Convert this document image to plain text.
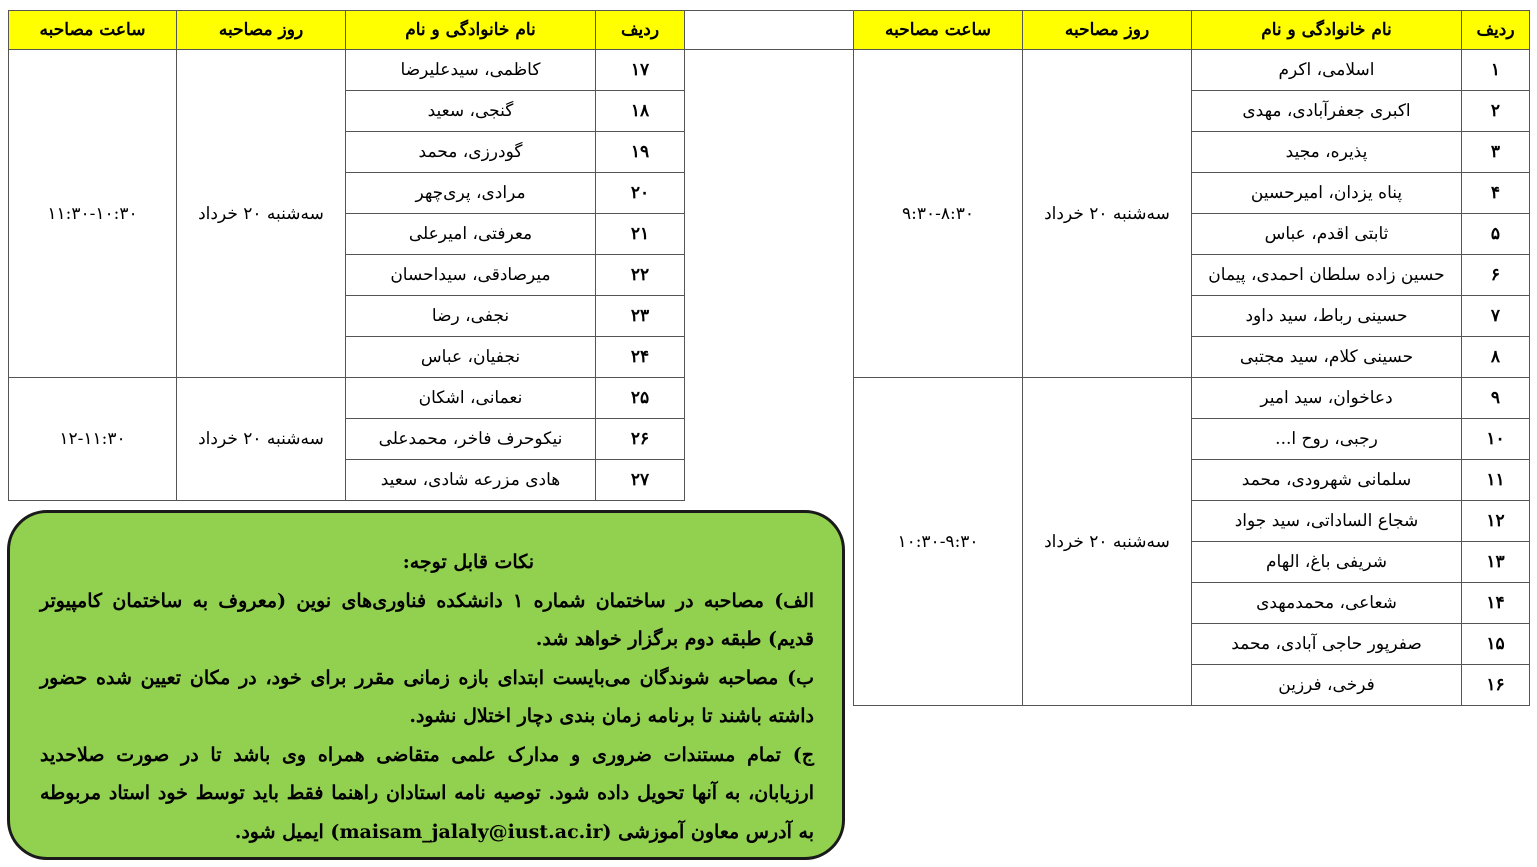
ساعت مصاحبه	روز مصاحبه	نام خانوادگی و نام	ردیف	
۱۱:۳۰-۱۰:۳۰	سه‌شنبه ۲۰ خرداد	کاظمی، سیدعلیرضا	۱۷	
		گنجی، سعید	۱۸	
		گودرزی، محمد	۱۹	
		مرادی، پری‌چهر	۲۰	
		معرفتی، امیرعلی	۲۱	
		میرصادقی، سیداحسان	۲۲	
		نجفی، رضا	۲۳	
		نجفیان، عباس	۲۴	
۱۲-۱۱:۳۰	سه‌شنبه ۲۰ خرداد	نعمانی، اشکان	۲۵	
		نیکوحرف فاخر، محمدعلی	۲۶	
		هادی مزرعه شادی، سعید	۲۷	
ساعت مصاحبه	روز مصاحبه	نام خانوادگی و نام	ردیف
۹:۳۰-۸:۳۰	سه‌شنبه ۲۰ خرداد	اسلامی، اکرم	۱
		اکبری جعفرآبادی، مهدی	۲
		پذیره، مجید	۳
		پناه یزدان، امیرحسین	۴
		ثابتی اقدم، عباس	۵
		حسین زاده سلطان احمدی، پیمان	۶
		حسینی رباط، سید داود	۷
		حسینی کلام، سید مجتبی	۸
۱۰:۳۰-۹:۳۰	سه‌شنبه ۲۰ خرداد	دعاخوان، سید امیر	۹
		رجبی، روح ا...	۱۰
		سلمانی شهرودی، محمد	۱۱
		شجاع الساداتی، سید جواد	۱۲
		شریفی باغ، الهام	۱۳
		شعاعی، محمدمهدی	۱۴
		صفرپور حاجی آبادی، محمد	۱۵
		فرخی، فرزین	۱۶

نکات قابل توجه:

الف) مصاحبه در ساختمان شماره ۱ دانشکده فناوری‌های نوین (معروف به ساختمان کامپیوتر قدیم) طبقه دوم برگزار خواهد شد.

ب) مصاحبه شوندگان می‌بایست ابتدای بازه زمانی مقرر برای خود، در مکان تعیین شده حضور داشته باشند تا برنامه زمان بندی دچار اختلال نشود.

ج) تمام مستندات ضروری و مدارک علمی متقاضی همراه وی باشد تا در صورت صلاحدید ارزیابان، به آنها تحویل داده شود. توصیه نامه استادان راهنما فقط باید توسط خود استاد مربوطه به آدرس معاون آموزشی (maisam_jalaly@iust.ac.ir) ایمیل شود.
